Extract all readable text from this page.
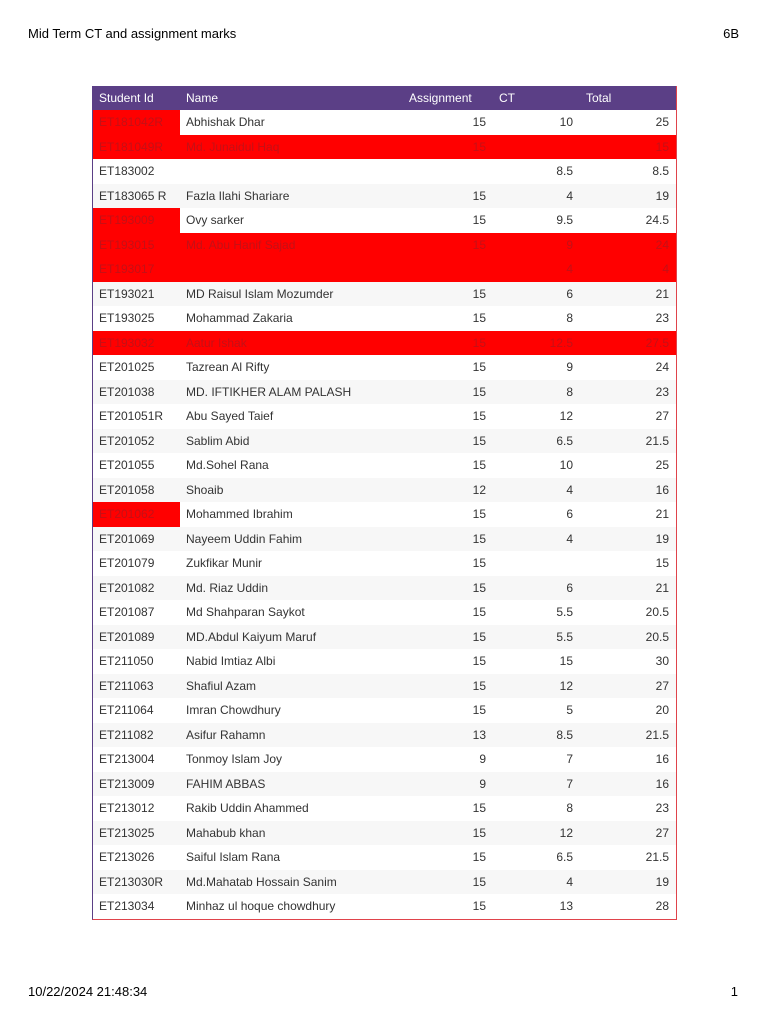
Mid Term CT and assignment marks	6B
Student Id	Name	Assignment	CT	Total
ET181042R	Abhishak Dhar	15	10	25
ET181049R	Md. Junaidul Haq	15		15
ET183002			8.5	8.5
ET183065 R	Fazla Ilahi Shariare	15	4	19
ET193009	Ovy sarker	15	9.5	24.5
ET193015	Md. Abu Hanif Sajad	15	9	24
ET193017			4	4
ET193021	MD Raisul Islam Mozumder	15	6	21
ET193025	Mohammad Zakaria	15	8	23
ET193032	Aatur Ishak	15	12.5	27.5
ET201025	Tazrean Al Rifty	15	9	24
ET201038	MD. IFTIKHER ALAM PALASH	15	8	23
ET201051R	Abu Sayed Taief	15	12	27
ET201052	Sablim Abid	15	6.5	21.5
ET201055	Md.Sohel Rana	15	10	25
ET201058	Shoaib	12	4	16
ET201062	Mohammed Ibrahim	15	6	21
ET201069	Nayeem Uddin Fahim	15	4	19
ET201079	Zukfikar Munir	15		15
ET201082	Md. Riaz Uddin	15	6	21
ET201087	Md Shahparan Saykot	15	5.5	20.5
ET201089	MD.Abdul Kaiyum Maruf	15	5.5	20.5
ET211050	Nabid Imtiaz Albi	15	15	30
ET211063	Shafiul Azam	15	12	27
ET211064	Imran Chowdhury	15	5	20
ET211082	Asifur Rahamn	13	8.5	21.5
ET213004	Tonmoy Islam Joy	9	7	16
ET213009	FAHIM ABBAS	9	7	16
ET213012	Rakib Uddin Ahammed	15	8	23
ET213025	Mahabub khan	15	12	27
ET213026	Saiful Islam Rana	15	6.5	21.5
ET213030R	Md.Mahatab Hossain Sanim	15	4	19
ET213034	Minhaz ul hoque chowdhury	15	13	28
10/22/2024 21:48:34	1
